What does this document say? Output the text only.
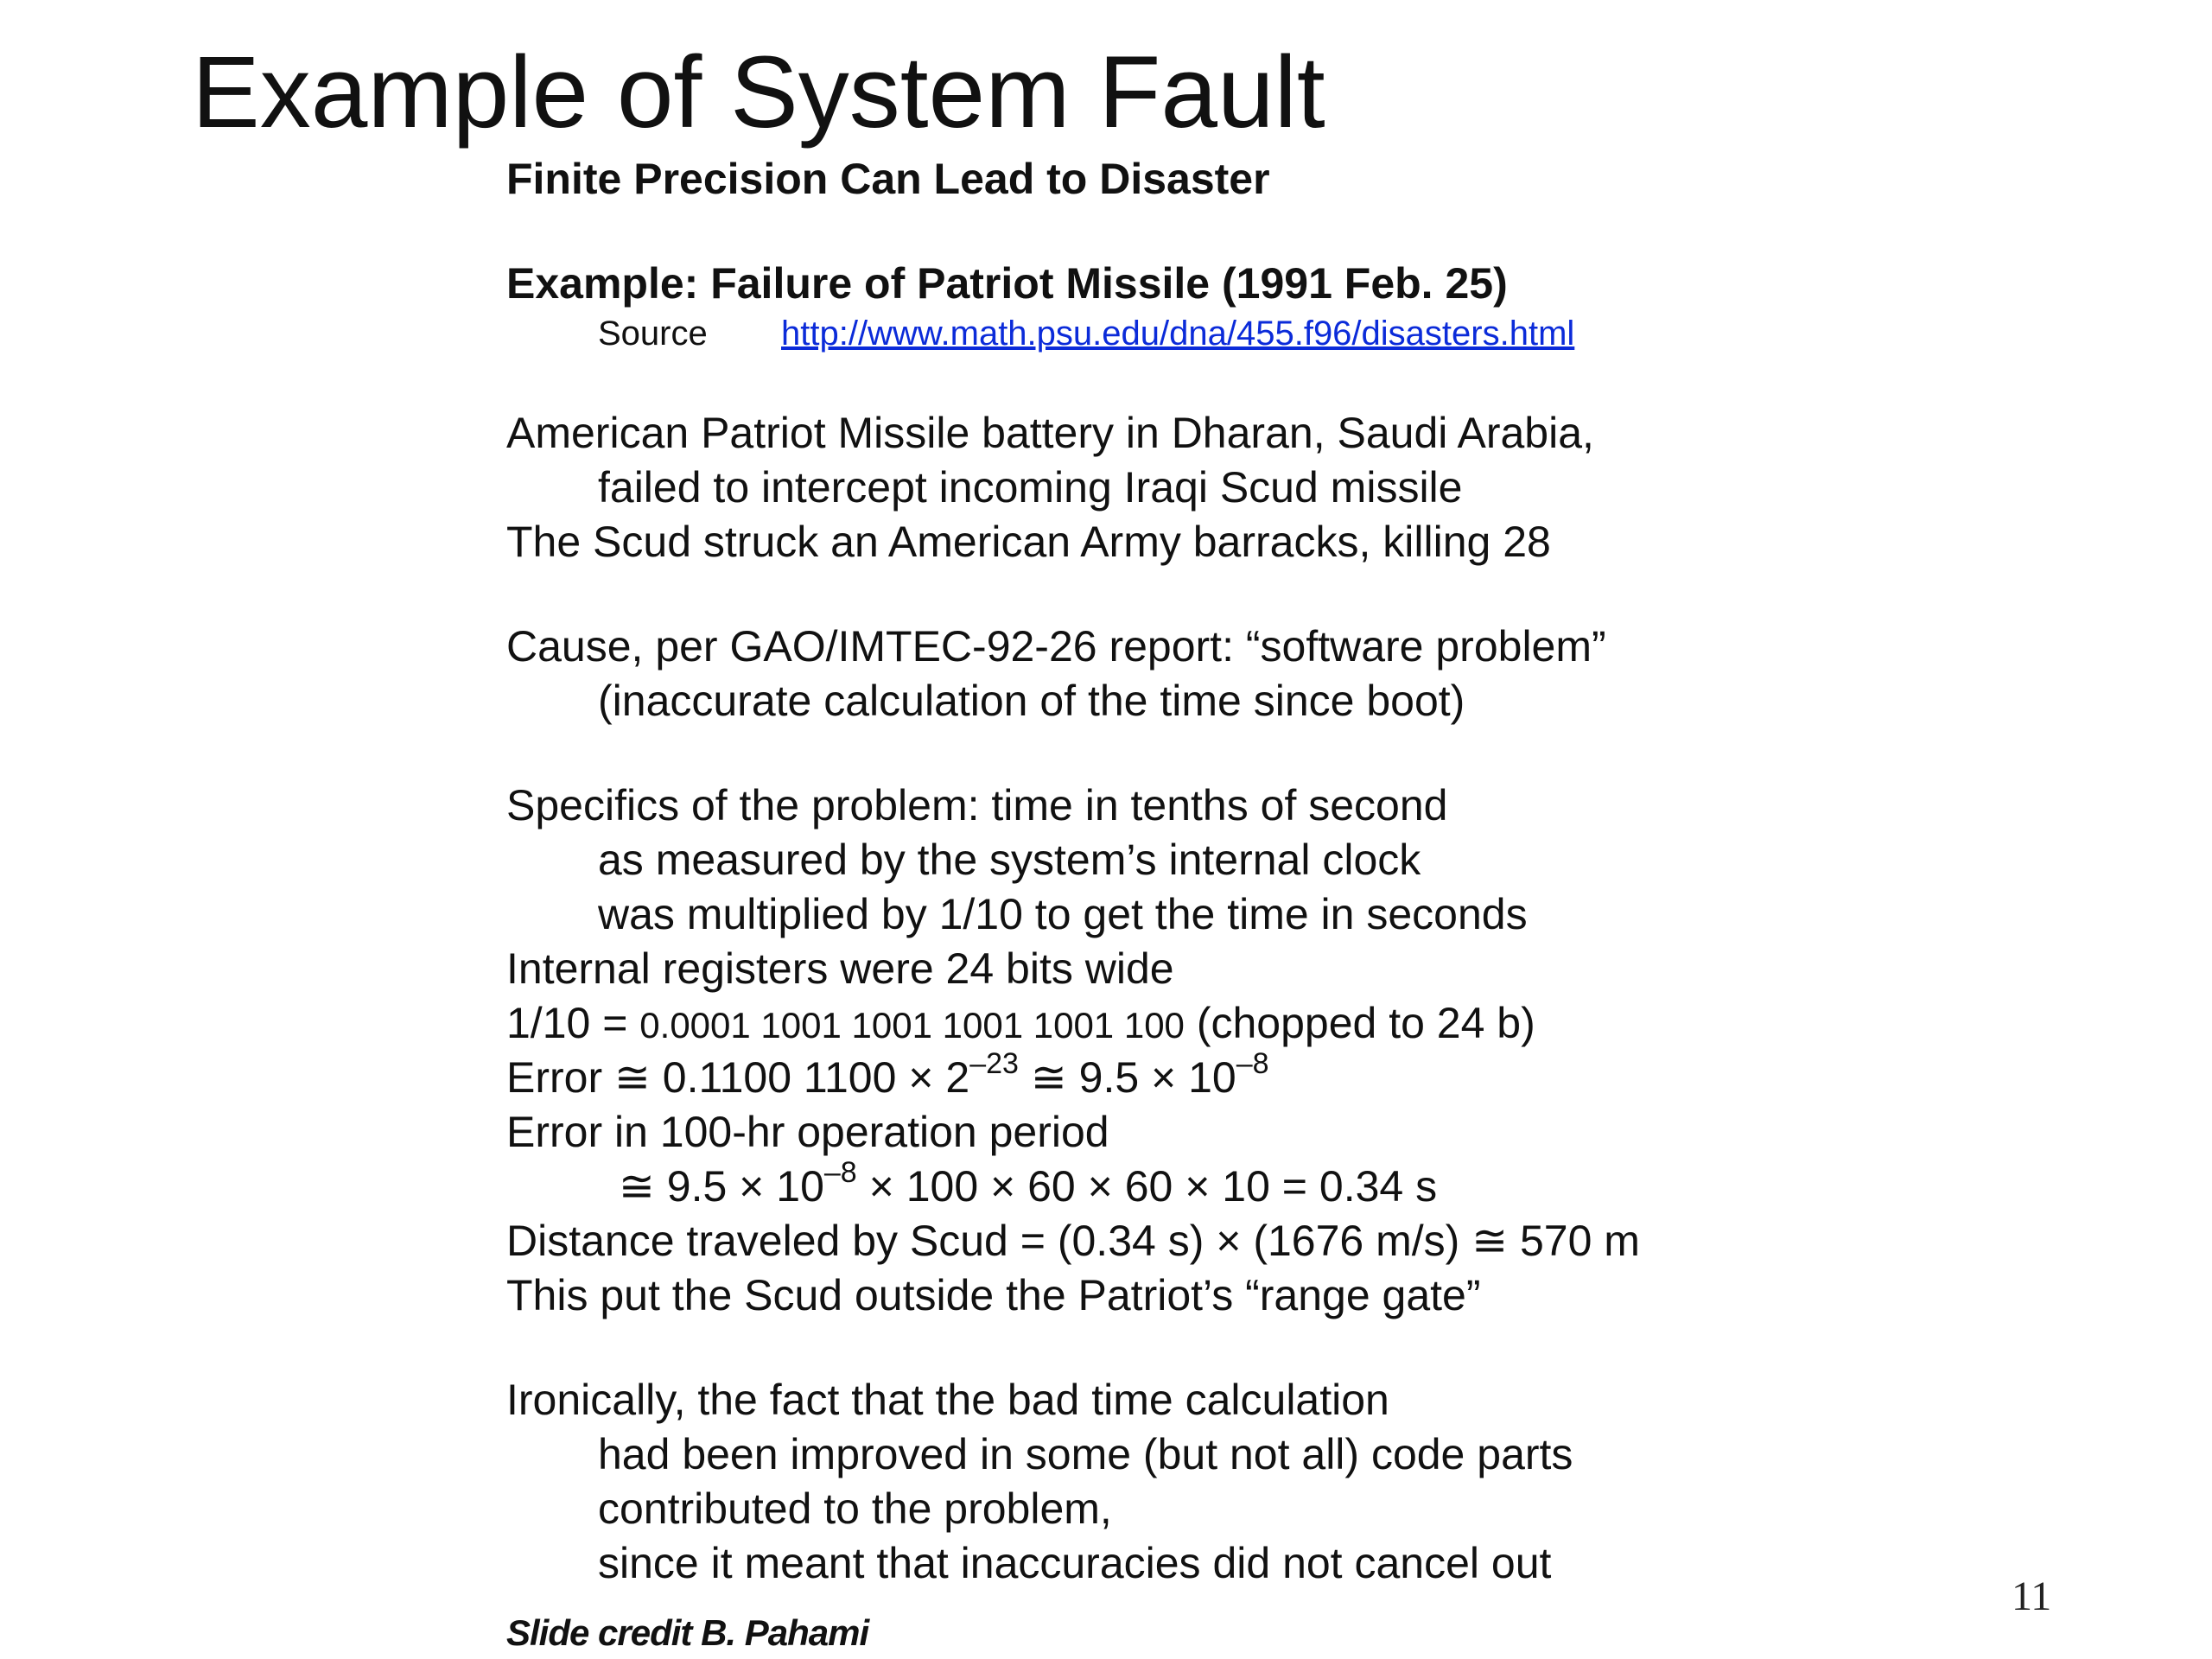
Example of System Fault
Finite Precision Can Lead to Disaster
Example: Failure of Patriot Missile (1991 Feb. 25)
Source http://www.math.psu.edu/dna/455.f96/disasters.html
American Patriot Missile battery in Dharan, Saudi Arabia,
failed to intercept incoming Iraqi Scud missile
The Scud struck an American Army barracks, killing 28
Cause, per GAO/IMTEC-92-26 report: “software problem”
(inaccurate calculation of the time since boot)
Specifics of the problem: time in tenths of second
as measured by the system’s internal clock
was multiplied by 1/10 to get the time in seconds
Internal registers were 24 bits wide
1/10 = 0.0001 1001 1001 1001 1001 100 (chopped to 24 b)
Error ≅ 0.1100 $1100 \times 2^{-23}$ ≅ $9.5 \times 10^{-8}$
Error in 100-hr operation period
≅ $9.5 \times 10^{-8} \times 100 \times 60 \times 60 \times 10 = 0.34$ s
Distance traveled by Scud = (0.34 s) × (1676 m/s) ≅ 570 m
This put the Scud outside the Patriot’s “range gate”
Ironically, the fact that the bad time calculation
had been improved in some (but not all) code parts
contributed to the problem,
since it meant that inaccuracies did not cancel out
11
Slide credit B. Pahami
